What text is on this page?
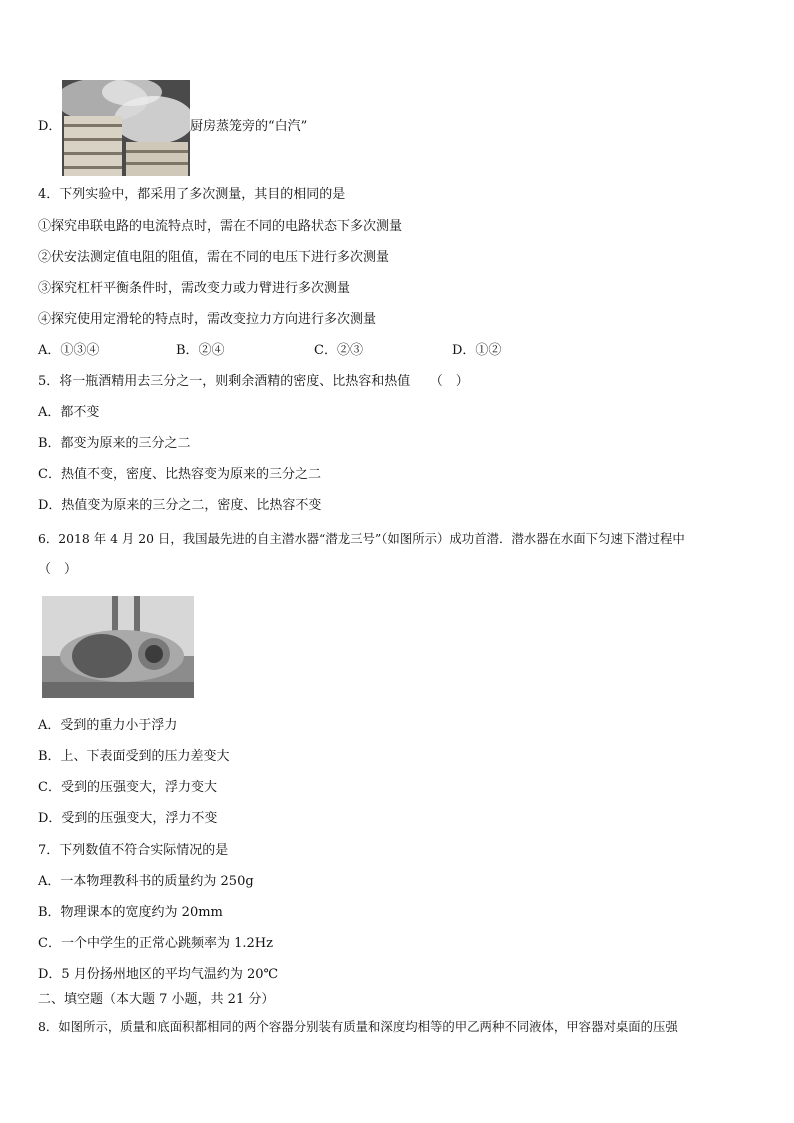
D．	厨房蒸笼旁的“白汽”
4．下列实验中，都采用了多次测量，其目的相同的是
①探究串联电路的电流特点时，需在不同的电路状态下多次测量
②伏安法测定值电阻的阻值，需在不同的电压下进行多次测量
③探究杠杆平衡条件时，需改变力或力臂进行多次测量
④探究使用定滑轮的特点时，需改变拉力方向进行多次测量
A．①③④	B．②④	C．②③	D．①②
5．将一瓶酒精用去三分之一，则剩余酒精的密度、比热容和热值　　（　）
A．都不变
B．都变为原来的三分之二
C．热值不变，密度、比热容变为原来的三分之二
D．热值变为原来的三分之二，密度、比热容不变
6．2018 年 4 月 20 日，我国最先进的自主潜水器“潜龙三号”（如图所示）成功首潜．潜水器在水面下匀速下潜过程中
（　）
A．受到的重力小于浮力
B．上、下表面受到的压力差变大
C．受到的压强变大，浮力变大
D．受到的压强变大，浮力不变
7．下列数值不符合实际情况的是
A．一本物理教科书的质量约为 250g
B．物理课本的宽度约为 20mm
C．一个中学生的正常心跳频率为 1.2Hz
D．5 月份扬州地区的平均气温约为 20℃
二、填空题（本大题 7 小题，共 21 分）
8．如图所示，质量和底面积都相同的两个容器分别装有质量和深度均相等的甲乙两种不同液体，甲容器对桌面的压强
